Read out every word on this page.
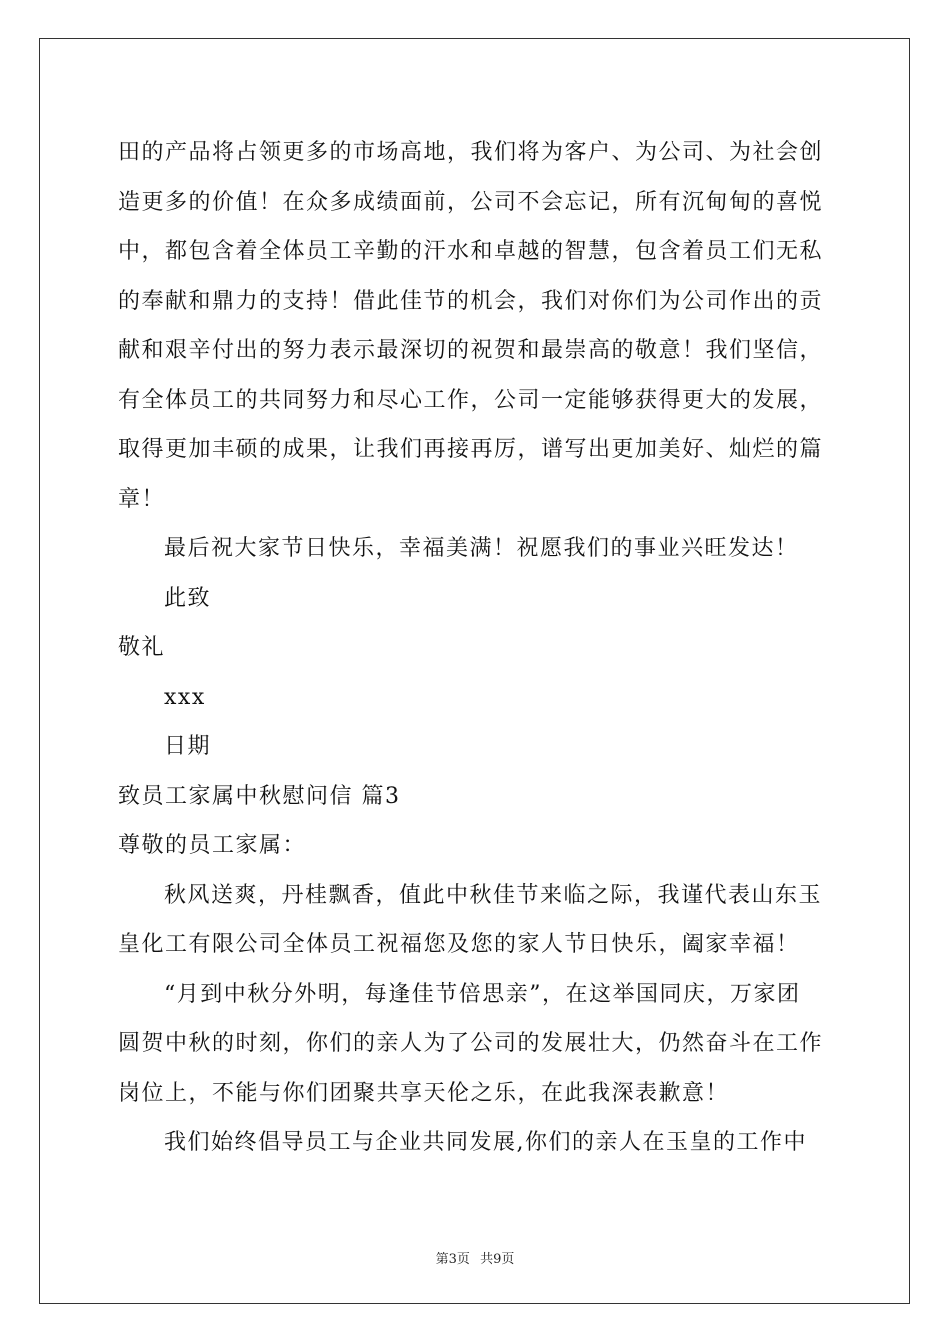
田的产品将占领更多的市场高地，我们将为客户、为公司、为社会创
造更多的价值！在众多成绩面前，公司不会忘记，所有沉甸甸的喜悦
中，都包含着全体员工辛勤的汗水和卓越的智慧，包含着员工们无私
的奉献和鼎力的支持！借此佳节的机会，我们对你们为公司作出的贡
献和艰辛付出的努力表示最深切的祝贺和最崇高的敬意！我们坚信，
有全体员工的共同努力和尽心工作，公司一定能够获得更大的发展，
取得更加丰硕的成果，让我们再接再厉，谱写出更加美好、灿烂的篇
章！
最后祝大家节日快乐，幸福美满！祝愿我们的事业兴旺发达！
此致
敬礼
xxx
日期
致员工家属中秋慰问信 篇3
尊敬的员工家属：
秋风送爽，丹桂飘香，值此中秋佳节来临之际，我谨代表山东玉
皇化工有限公司全体员工祝福您及您的家人节日快乐，阖家幸福！
“月到中秋分外明，每逢佳节倍思亲”，在这举国同庆，万家团
圆贺中秋的时刻，你们的亲人为了公司的发展壮大，仍然奋斗在工作
岗位上，不能与你们团聚共享天伦之乐，在此我深表歉意！
我们始终倡导员工与企业共同发展,你们的亲人在玉皇的工作中
第3页 共9页
